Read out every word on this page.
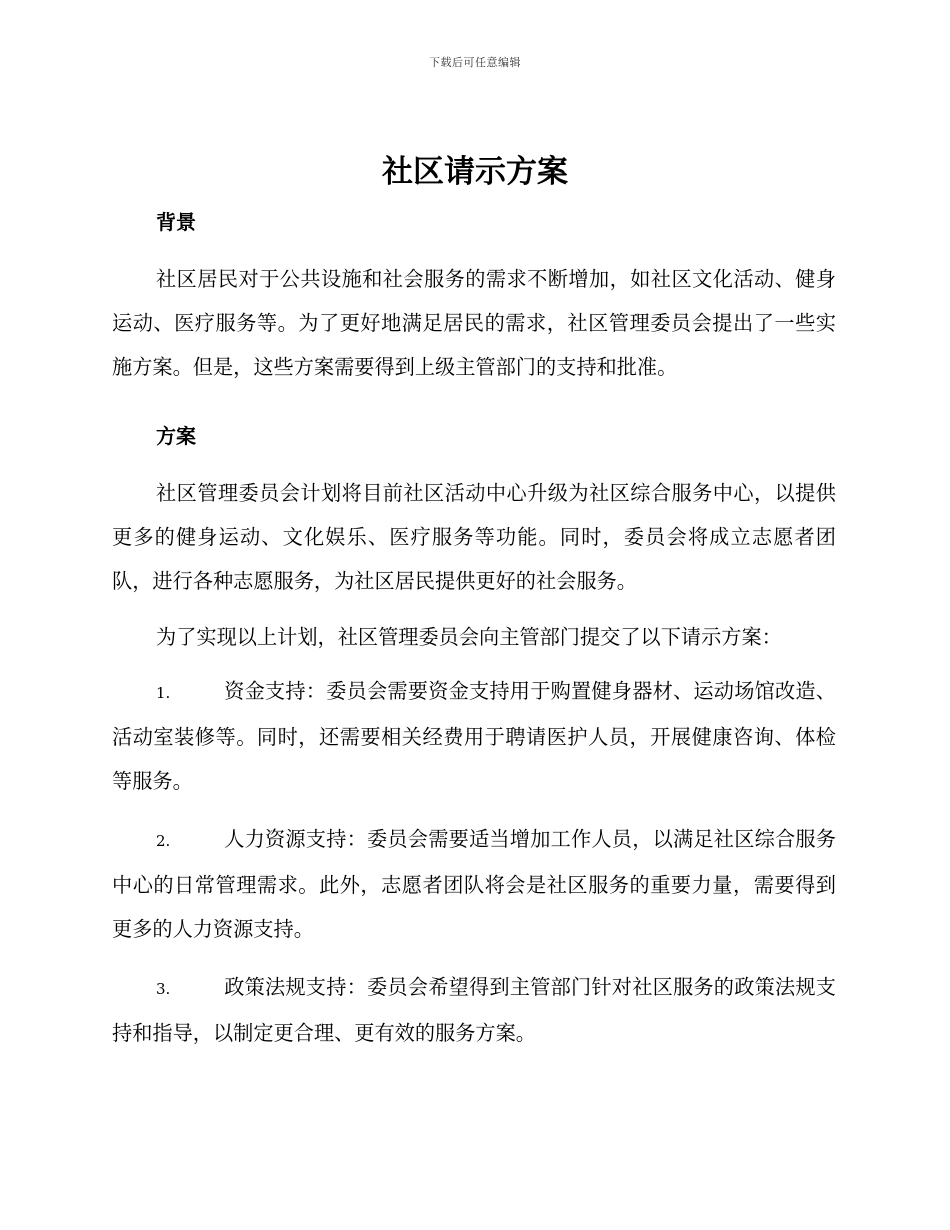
下载后可任意编辑
社区请示方案
背景

社区居民对于公共设施和社会服务的需求不断增加，如社区文化活动、健身运动、医疗服务等。为了更好地满足居民的需求，社区管理委员会提出了一些实施方案。但是，这些方案需要得到上级主管部门的支持和批准。

方案

社区管理委员会计划将目前社区活动中心升级为社区综合服务中心，以提供更多的健身运动、文化娱乐、医疗服务等功能。同时，委员会将成立志愿者团队，进行各种志愿服务，为社区居民提供更好的社会服务。

为了实现以上计划，社区管理委员会向主管部门提交了以下请示方案：

1.	资金支持：委员会需要资金支持用于购置健身器材、运动场馆改造、活动室装修等。同时，还需要相关经费用于聘请医护人员，开展健康咨询、体检等服务。

2.	人力资源支持：委员会需要适当增加工作人员，以满足社区综合服务中心的日常管理需求。此外，志愿者团队将会是社区服务的重要力量，需要得到更多的人力资源支持。

3.	政策法规支持：委员会希望得到主管部门针对社区服务的政策法规支持和指导，以制定更合理、更有效的服务方案。
